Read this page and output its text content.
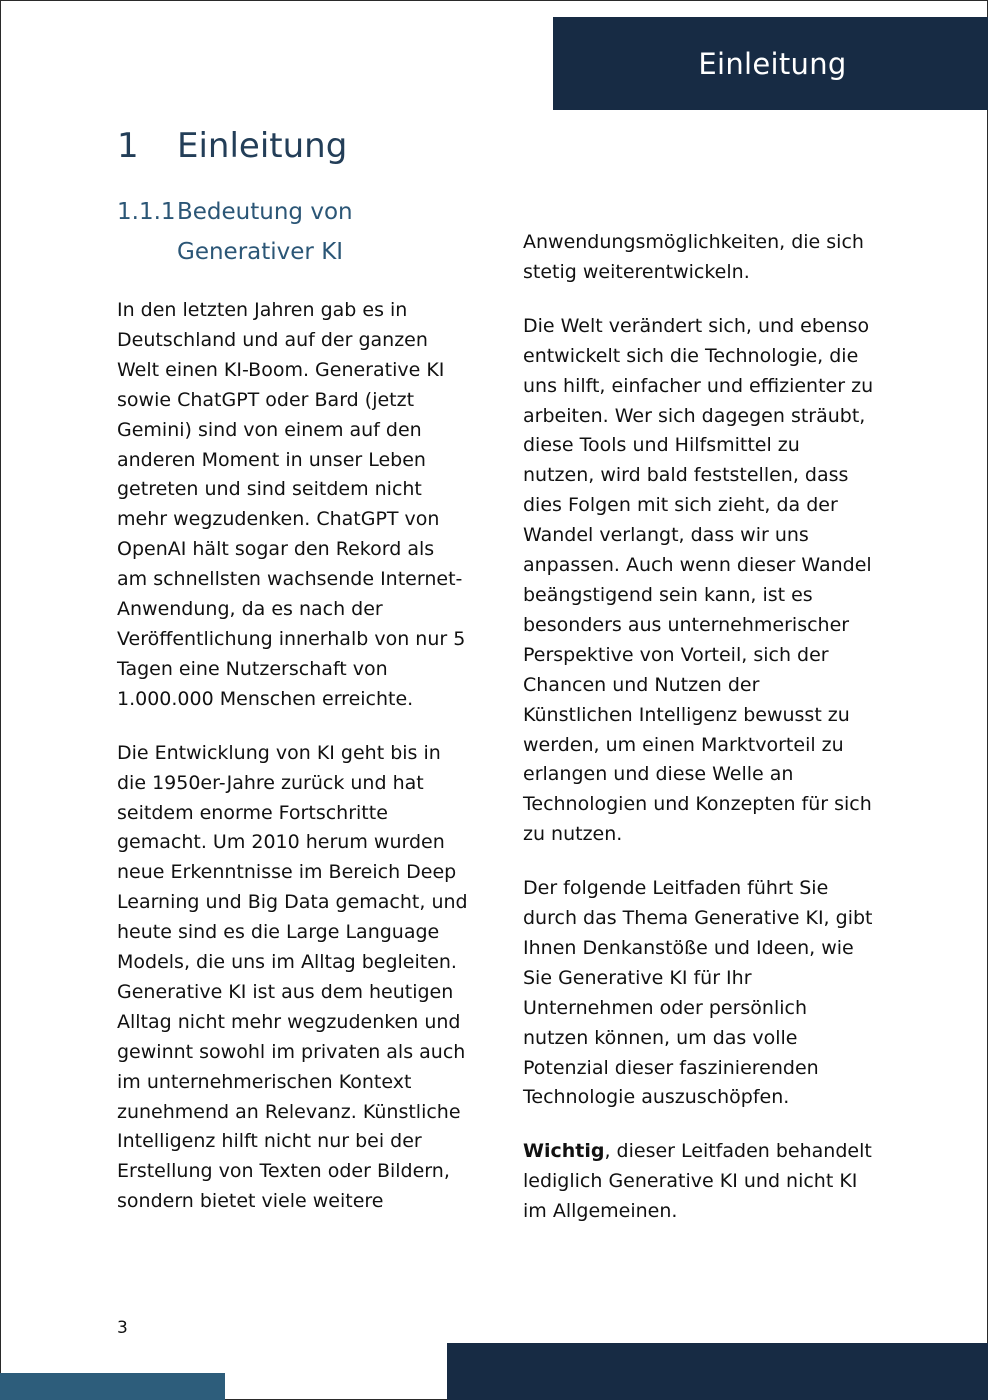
Einleitung
1 Einleitung
1.1.1 Bedeutung von Generativer KI

In den letzten Jahren gab es in Deutschland und auf der ganzen Welt einen KI-Boom. Generative KI sowie ChatGPT oder Bard (jetzt Gemini) sind von einem auf den anderen Moment in unser Leben getreten und sind seitdem nicht mehr wegzudenken. ChatGPT von OpenAI hält sogar den Rekord als am schnellsten wachsende Internet-Anwendung, da es nach der Veröffentlichung innerhalb von nur 5 Tagen eine Nutzerschaft von 1.000.000 Menschen erreichte.

Die Entwicklung von KI geht bis in die 1950er-Jahre zurück und hat seitdem enorme Fortschritte gemacht. Um 2010 herum wurden neue Erkenntnisse im Bereich Deep Learning und Big Data gemacht, und heute sind es die Large Language Models, die uns im Alltag begleiten. Generative KI ist aus dem heutigen Alltag nicht mehr wegzudenken und gewinnt sowohl im privaten als auch im unternehmerischen Kontext zunehmend an Relevanz. Künstliche Intelligenz hilft nicht nur bei der Erstellung von Texten oder Bildern, sondern bietet viele weitere

Anwendungsmöglichkeiten, die sich stetig weiterentwickeln.

Die Welt verändert sich, und ebenso entwickelt sich die Technologie, die uns hilft, einfacher und effizienter zu arbeiten. Wer sich dagegen sträubt, diese Tools und Hilfsmittel zu nutzen, wird bald feststellen, dass dies Folgen mit sich zieht, da der Wandel verlangt, dass wir uns anpassen. Auch wenn dieser Wandel beängstigend sein kann, ist es besonders aus unternehmerischer Perspektive von Vorteil, sich der Chancen und Nutzen der Künstlichen Intelligenz bewusst zu werden, um einen Marktvorteil zu erlangen und diese Welle an Technologien und Konzepten für sich zu nutzen.

Der folgende Leitfaden führt Sie durch das Thema Generative KI, gibt Ihnen Denkanstöße und Ideen, wie Sie Generative KI für Ihr Unternehmen oder persönlich nutzen können, um das volle Potenzial dieser faszinierenden Technologie auszuschöpfen.

Wichtig, dieser Leitfaden behandelt lediglich Generative KI und nicht KI im Allgemeinen.

3
